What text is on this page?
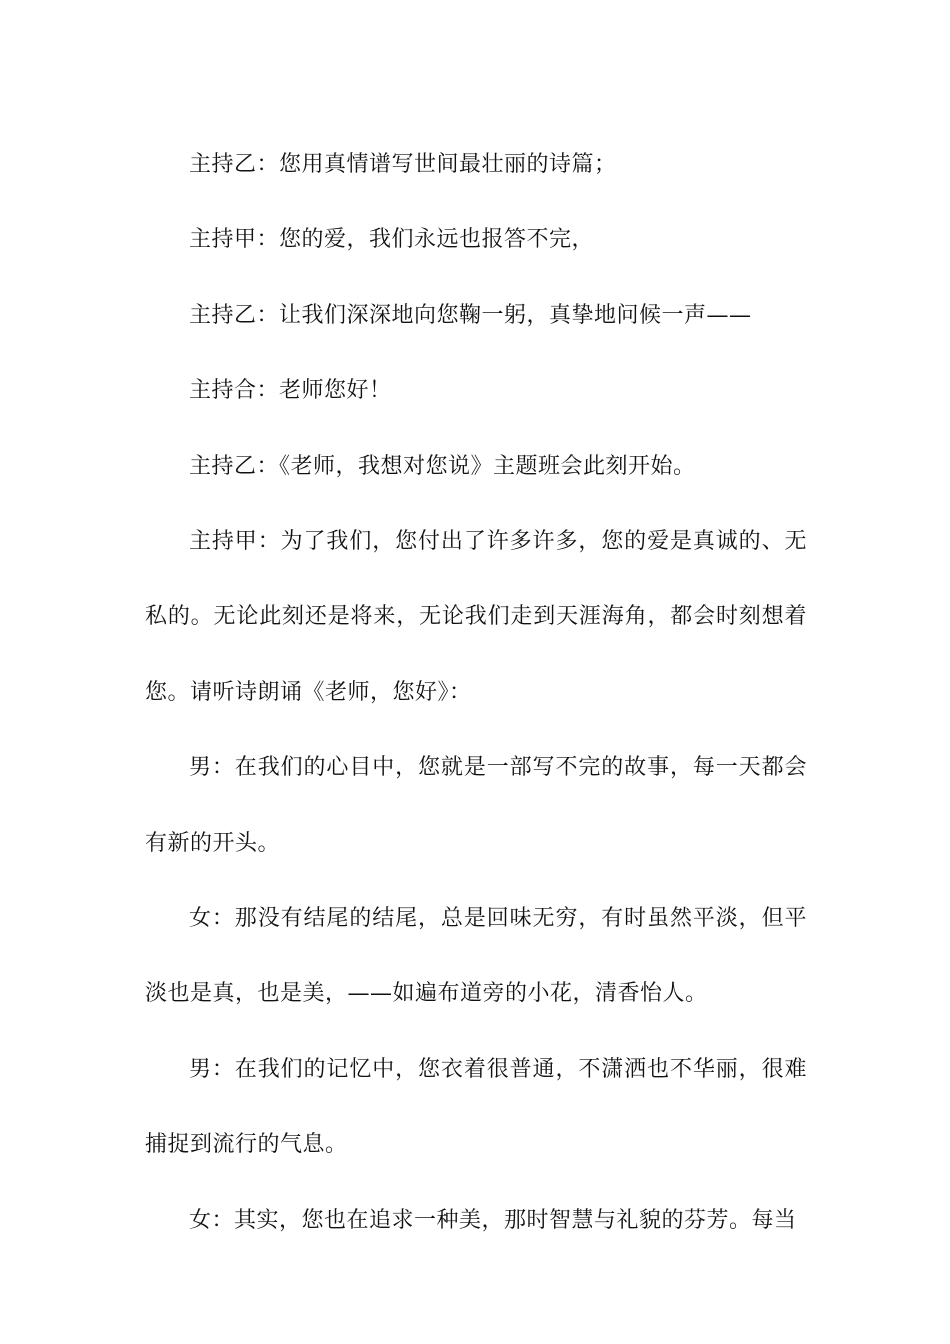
主持乙：您用真情谱写世间最壮丽的诗篇；

主持甲：您的爱，我们永远也报答不完，

主持乙：让我们深深地向您鞠一躬，真挚地问候一声——

主持合：老师您好！

主持乙：《老师，我想对您说》主题班会此刻开始。

主持甲：为了我们，您付出了许多许多，您的爱是真诚的、无私的。无论此刻还是将来，无论我们走到天涯海角，都会时刻想着您。请听诗朗诵《老师，您好》：

男：在我们的心目中，您就是一部写不完的故事，每一天都会有新的开头。

女：那没有结尾的结尾，总是回味无穷，有时虽然平淡，但平淡也是真，也是美，——如遍布道旁的小花，清香怡人。

男：在我们的记忆中，您衣着很普通，不潇洒也不华丽，很难捕捉到流行的气息。

女：其实，您也在追求一种美，那时智慧与礼貌的芬芳。每当
